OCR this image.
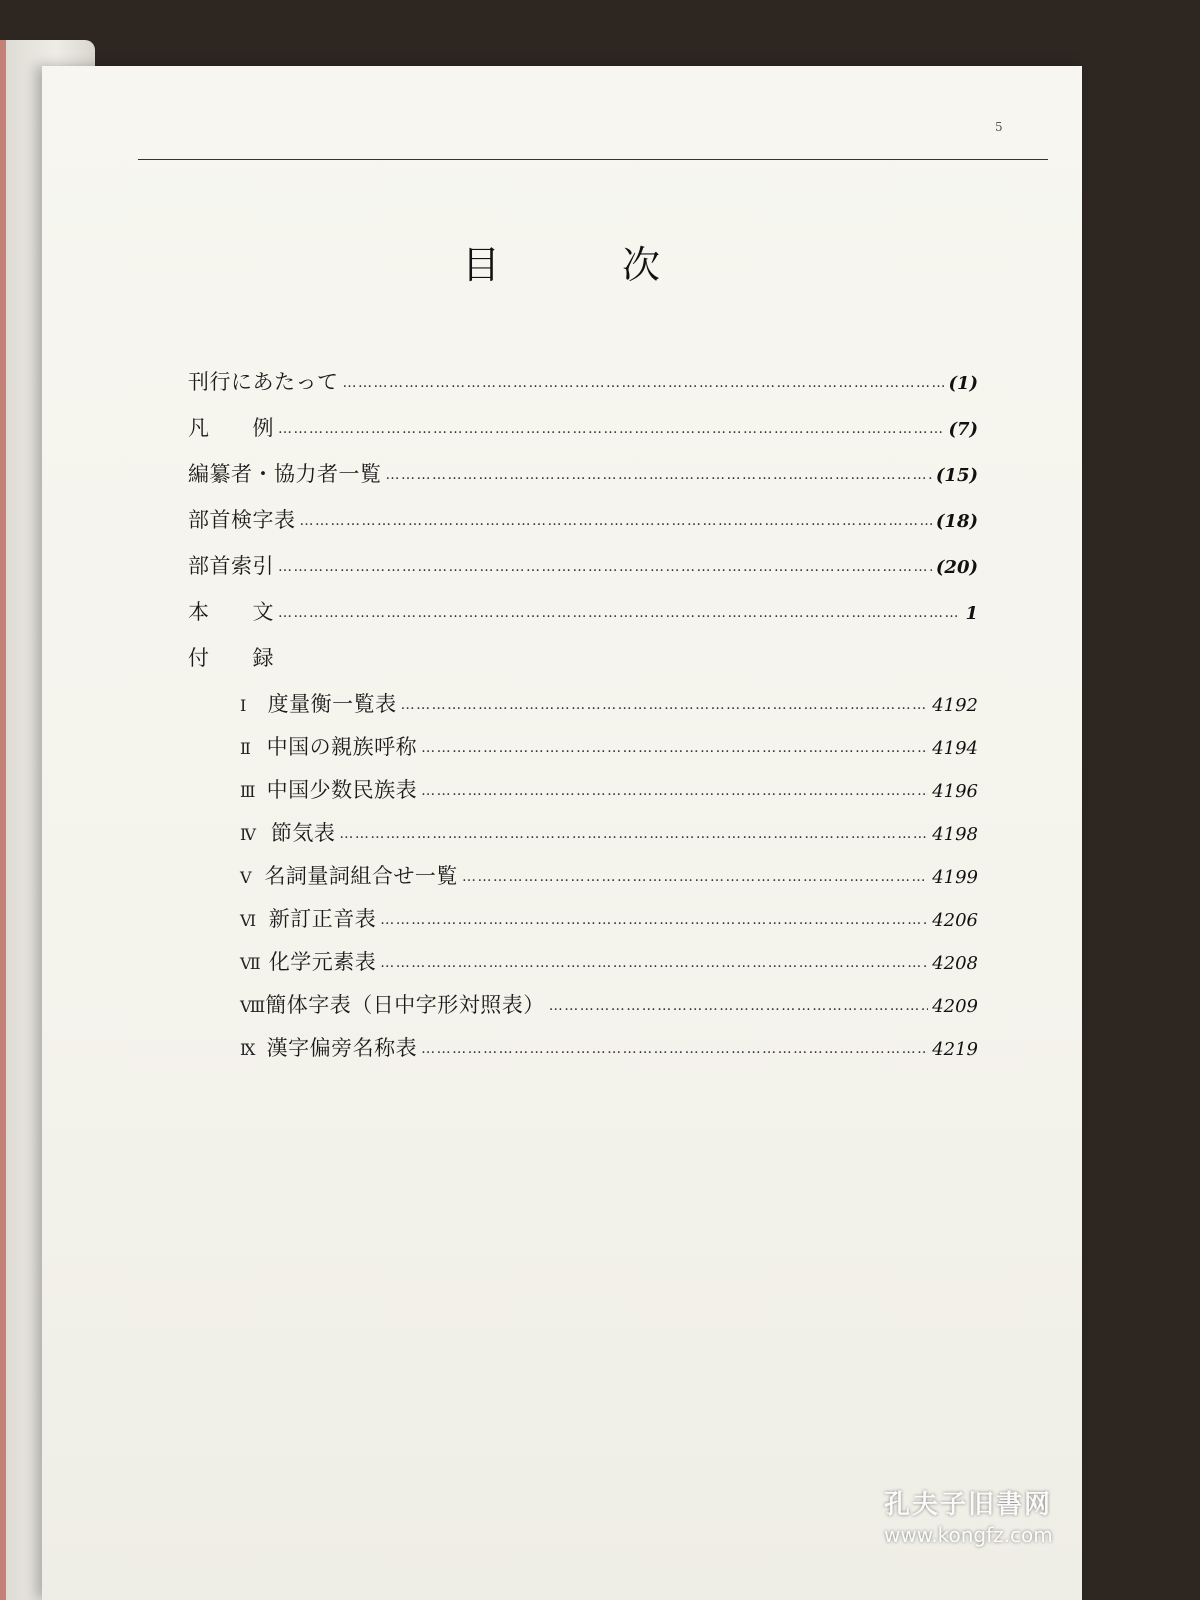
5
目	次
刊行にあたって …………………………………………………………………………………………………………………………………………………………………………	(1)
凡　　例 …………………………………………………………………………………………………………………………………………………………………………	(7)
編纂者・協力者一覧 …………………………………………………………………………………………………………………………………………………………………………	(15)
部首検字表 …………………………………………………………………………………………………………………………………………………………………………	(18)
部首索引 …………………………………………………………………………………………………………………………………………………………………………	(20)
本　　文 …………………………………………………………………………………………………………………………………………………………………………	1
付　　録
Ⅰ	度量衡一覧表 …………………………………………………………………………………………………………………………………………………………………………	4192
Ⅱ 中国の親族呼称 …………………………………………………………………………………………………………………………………………………………………………	4194
Ⅲ 中国少数民族表 …………………………………………………………………………………………………………………………………………………………………………	4196
Ⅳ 節気表 …………………………………………………………………………………………………………………………………………………………………………	4198
Ⅴ 名詞量詞組合せ一覧 …………………………………………………………………………………………………………………………………………………………………………	4199
Ⅵ 新訂正音表 …………………………………………………………………………………………………………………………………………………………………………	4206
Ⅶ 化学元素表 …………………………………………………………………………………………………………………………………………………………………………	4208
Ⅷ 簡体字表（日中字形対照表） …………………………………………………………………………………………………………………………………………………………………………	4209
Ⅸ 漢字偏旁名称表 …………………………………………………………………………………………………………………………………………………………………………	4219
孔夫子旧書网
www.kongfz.com
